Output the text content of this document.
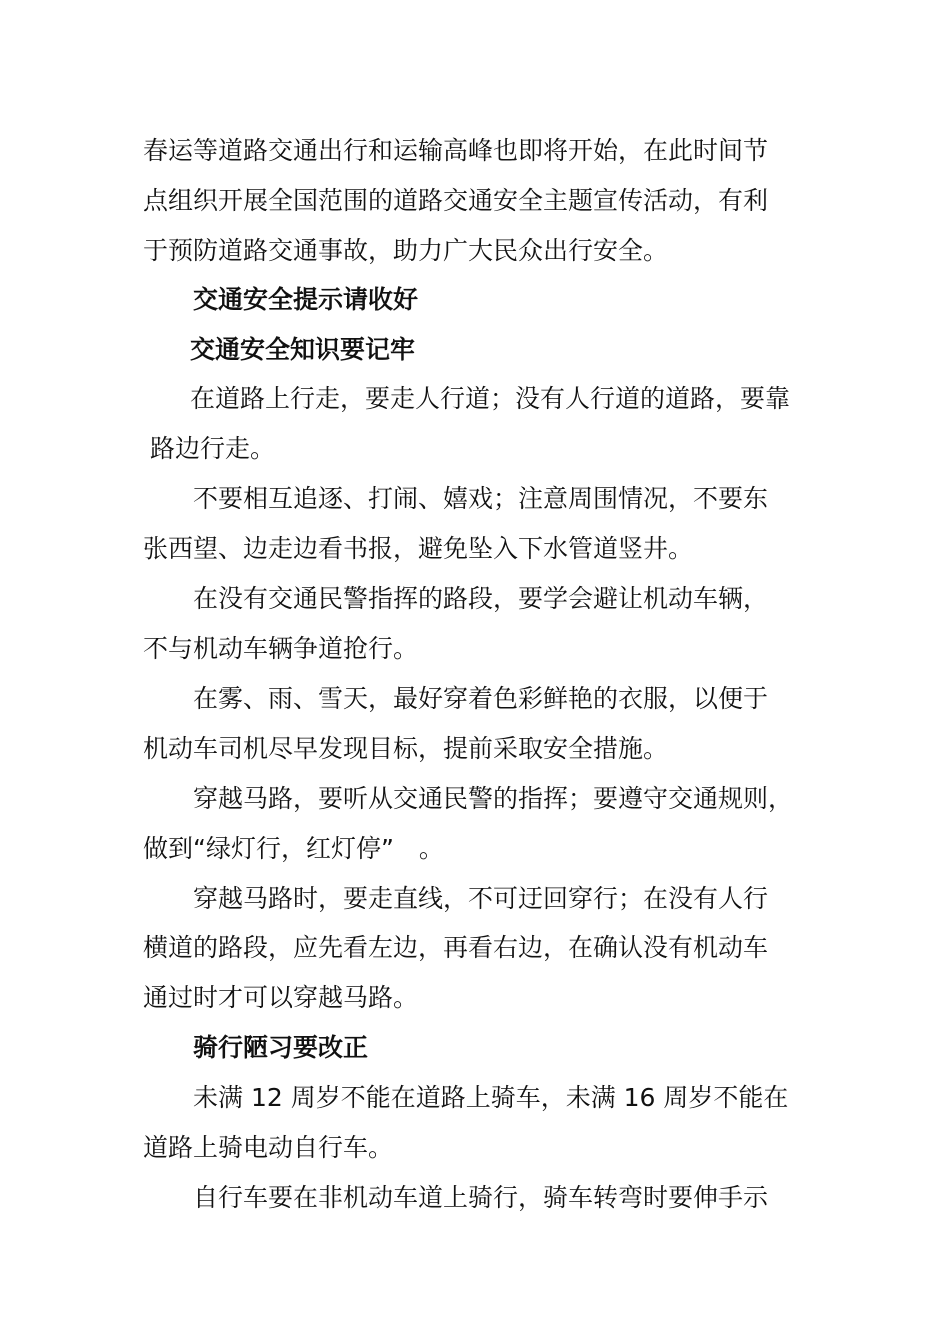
春运等道路交通出行和运输高峰也即将开始，在此时间节
点组织开展全国范围的道路交通安全主题宣传活动，有利
于预防道路交通事故，助力广大民众出行安全。
交通安全提示请收好
交通安全知识要记牢
在道路上行走，要走人行道；没有人行道的道路，要靠
路边行走。
不要相互追逐、打闹、嬉戏；注意周围情况，不要东
张西望、边走边看书报，避免坠入下水管道竖井。
在没有交通民警指挥的路段，要学会避让机动车辆，
不与机动车辆争道抢行。
在雾、雨、雪天，最好穿着色彩鲜艳的衣服，以便于
机动车司机尽早发现目标，提前采取安全措施。
穿越马路，要听从交通民警的指挥；要遵守交通规则，
做到“绿灯行，红灯停”　。
穿越马路时，要走直线，不可迂回穿行；在没有人行
横道的路段，应先看左边，再看右边，在确认没有机动车
通过时才可以穿越马路。
骑行陋习要改正
未满 12 周岁不能在道路上骑车，未满 16 周岁不能在
道路上骑电动自行车。
自行车要在非机动车道上骑行，骑车转弯时要伸手示
